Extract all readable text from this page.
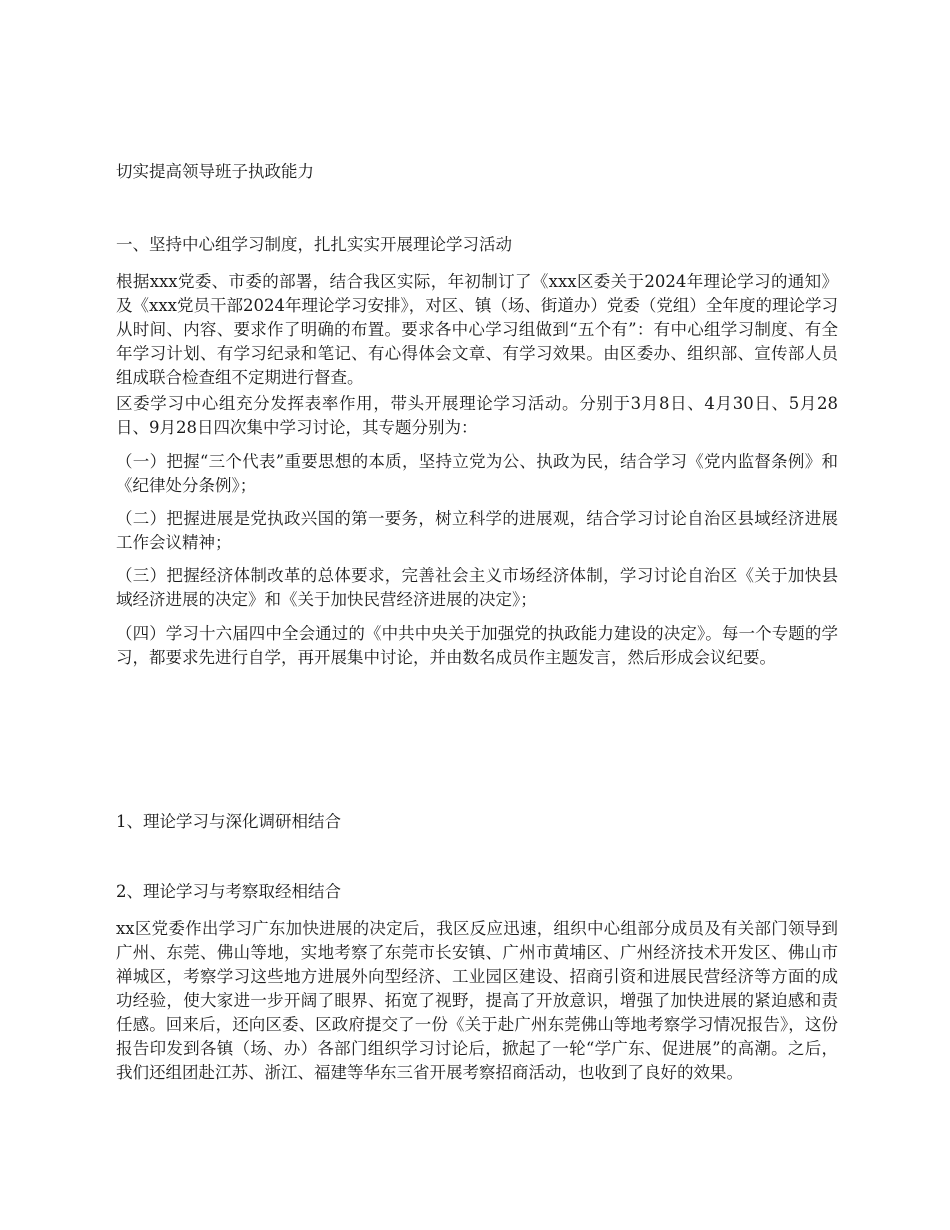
切实提高领导班子执政能力

一、坚持中心组学习制度，扎扎实实开展理论学习活动

根据xxx党委、市委的部署，结合我区实际，年初制订了《xxx区委关于2024年理论学习的通知》及《xxx党员干部2024年理论学习安排》，对区、镇（场、街道办）党委（党组）全年度的理论学习从时间、内容、要求作了明确的布置。要求各中心学习组做到“五个有”：有中心组学习制度、有全年学习计划、有学习纪录和笔记、有心得体会文章、有学习效果。由区委办、组织部、宣传部人员组成联合检查组不定期进行督查。

区委学习中心组充分发挥表率作用，带头开展理论学习活动。分别于3月8日、4月30日、5月28日、9月28日四次集中学习讨论，其专题分别为：

（一）把握“三个代表”重要思想的本质，坚持立党为公、执政为民，结合学习《党内监督条例》和《纪律处分条例》；

（二）把握进展是党执政兴国的第一要务，树立科学的进展观，结合学习讨论自治区县域经济进展工作会议精神；

（三）把握经济体制改革的总体要求，完善社会主义市场经济体制，学习讨论自治区《关于加快县域经济进展的决定》和《关于加快民营经济进展的决定》；

（四）学习十六届四中全会通过的《中共中央关于加强党的执政能力建设的决定》。每一个专题的学习，都要求先进行自学，再开展集中讨论，并由数名成员作主题发言，然后形成会议纪要。

1、理论学习与深化调研相结合

2、理论学习与考察取经相结合

xx区党委作出学习广东加快进展的决定后，我区反应迅速，组织中心组部分成员及有关部门领导到广州、东莞、佛山等地，实地考察了东莞市长安镇、广州市黄埔区、广州经济技术开发区、佛山市禅城区，考察学习这些地方进展外向型经济、工业园区建设、招商引资和进展民营经济等方面的成功经验，使大家进一步开阔了眼界、拓宽了视野，提高了开放意识，增强了加快进展的紧迫感和责任感。回来后，还向区委、区政府提交了一份《关于赴广州东莞佛山等地考察学习情况报告》，这份报告印发到各镇（场、办）各部门组织学习讨论后，掀起了一轮“学广东、促进展”的高潮。之后，我们还组团赴江苏、浙江、福建等华东三省开展考察招商活动，也收到了良好的效果。
